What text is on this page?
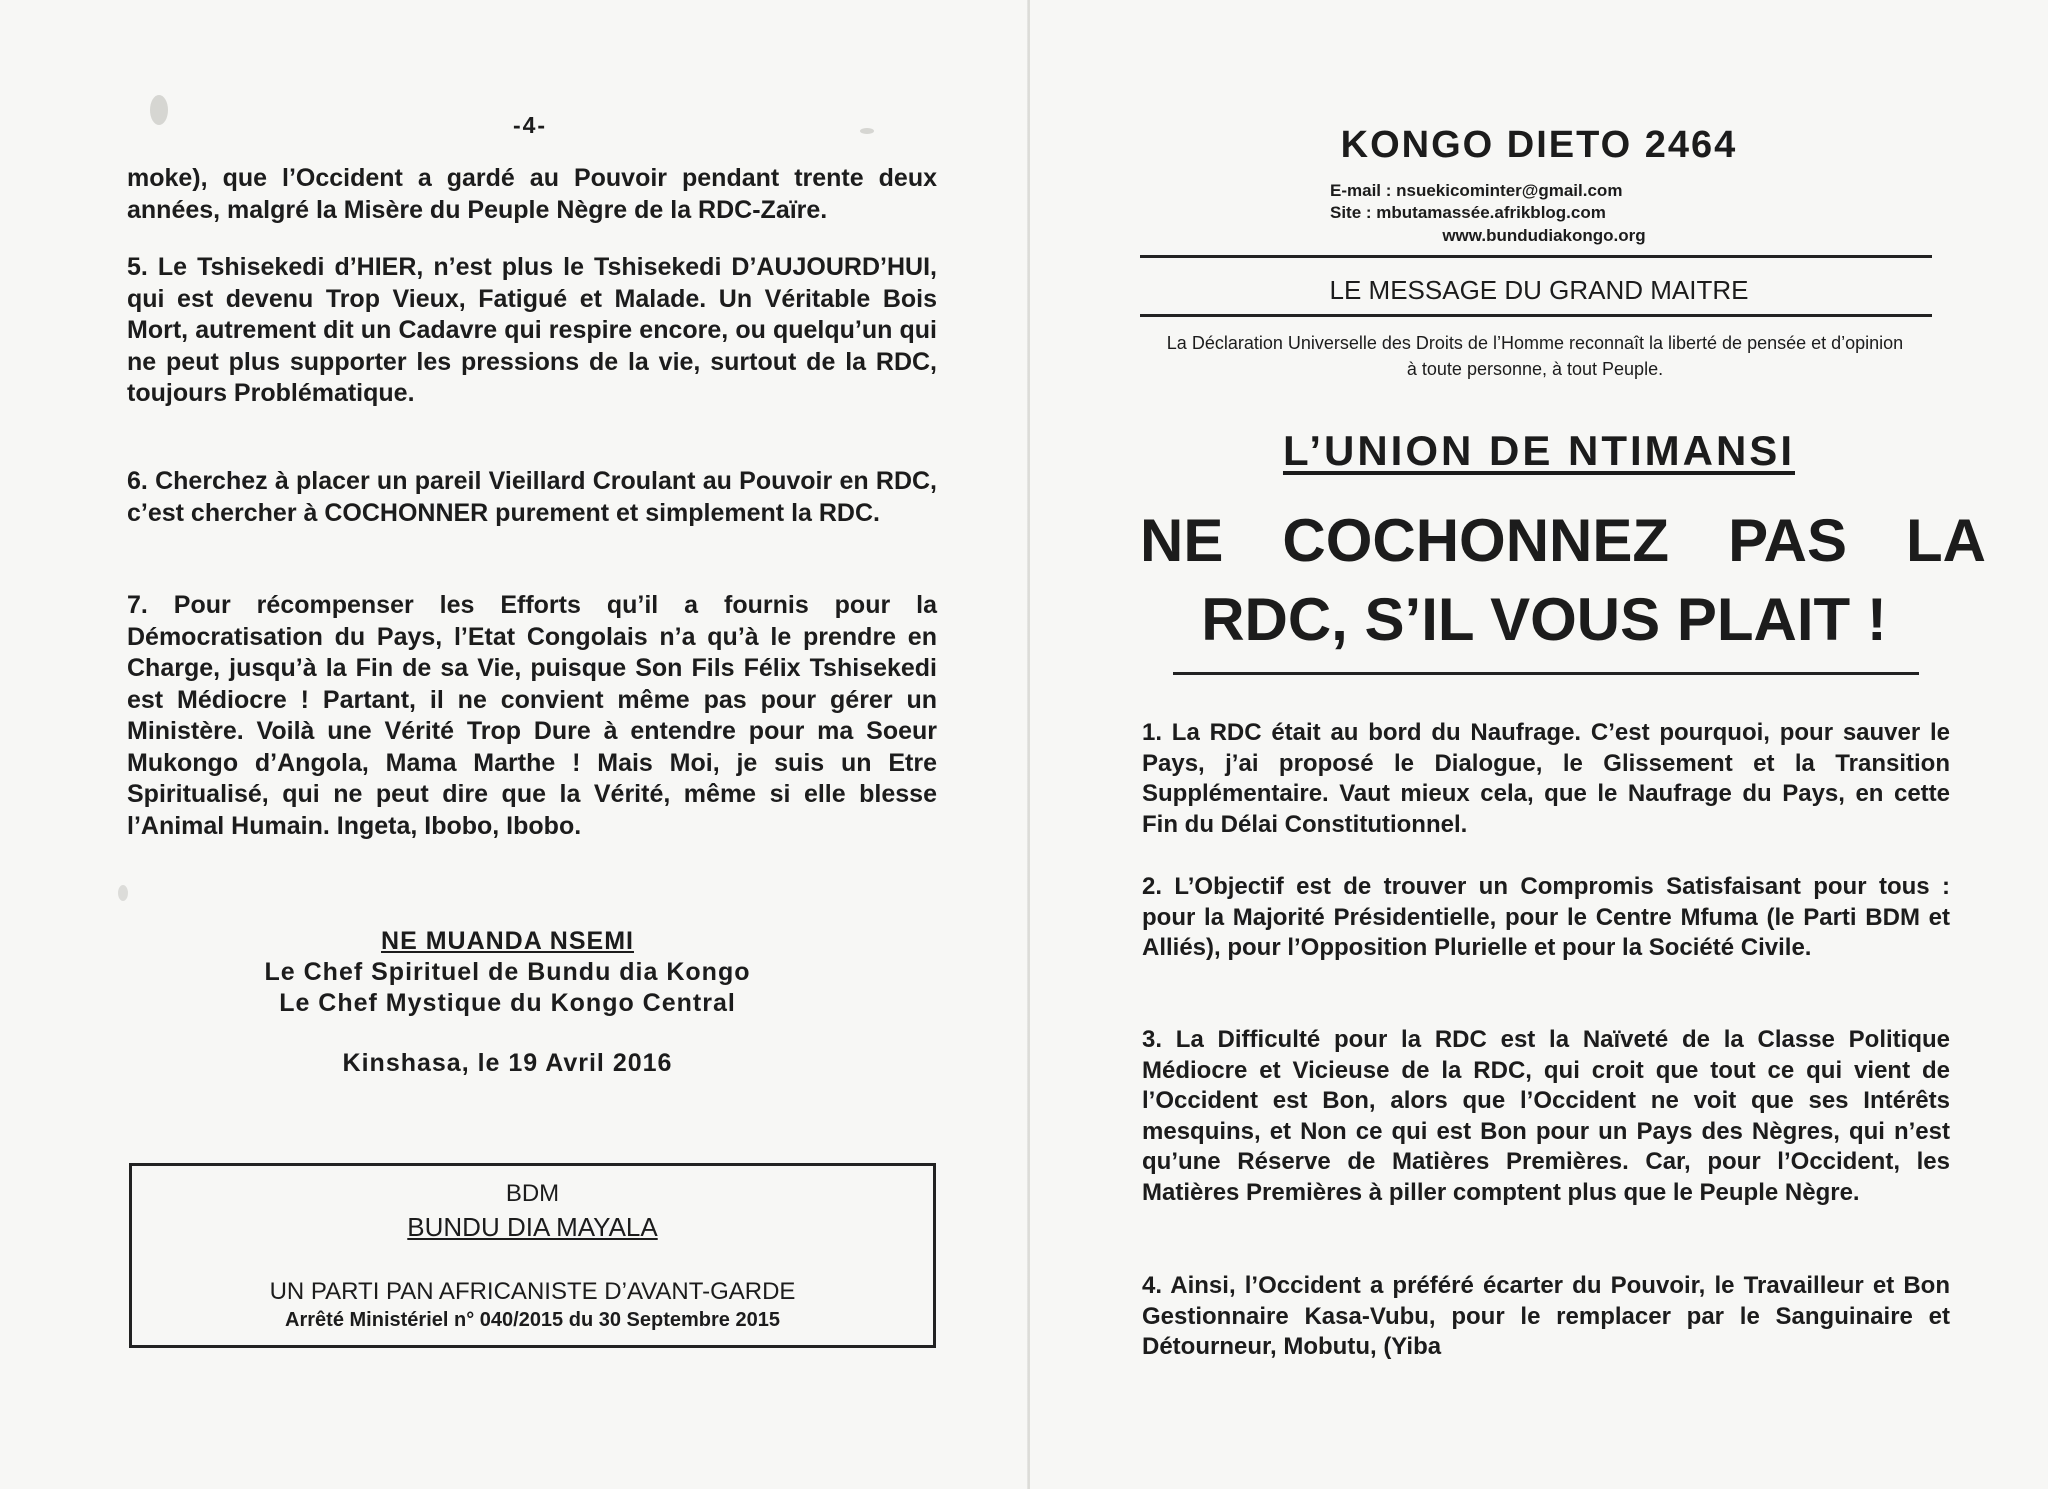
-4-
moke), que l’Occident a gardé au Pouvoir pendant trente deux années, malgré la Misère du Peuple Nègre de la RDC-Zaïre.
5. Le Tshisekedi d’HIER, n’est plus le Tshisekedi D’AUJOURD’HUI, qui est devenu Trop Vieux, Fatigué et Malade. Un Véritable Bois Mort, autrement dit un Cadavre qui respire encore, ou quelqu’un qui ne peut plus supporter les pressions de la vie, surtout de la RDC, toujours Problématique.
6. Cherchez à placer un pareil Vieillard Croulant au Pouvoir en RDC, c’est chercher à COCHONNER purement et simplement la RDC.
7. Pour récompenser les Efforts qu’il a fournis pour la Démocratisation du Pays, l’Etat Congolais n’a qu’à le prendre en Charge, jusqu’à la Fin de sa Vie, puisque Son Fils Félix Tshisekedi est Médiocre ! Partant, il ne convient même pas pour gérer un Ministère. Voilà une Vérité Trop Dure à entendre pour ma Soeur Mukongo d’Angola, Mama Marthe ! Mais Moi, je suis un Etre Spiritualisé, qui ne peut dire que la Vérité, même si elle blesse l’Animal Humain. Ingeta, Ibobo, Ibobo.
NE MUANDA NSEMI
Le Chef Spirituel de Bundu dia Kongo
Le Chef Mystique du Kongo Central
Kinshasa, le 19 Avril 2016
BDM
BUNDU DIA MAYALA
UN PARTI PAN AFRICANISTE D’AVANT-GARDE
Arrêté Ministériel n° 040/2015 du 30 Septembre 2015
KONGO DIETO 2464
E-mail : nsuekicominter@gmail.com
Site : mbutamassée.afrikblog.com
www.bundudiakongo.org
LE MESSAGE DU GRAND MAITRE
La Déclaration Universelle des Droits de l’Homme reconnaît la liberté de pensée et d’opinion à toute personne, à tout Peuple.
L’UNION DE NTIMANSI
NE COCHONNEZ PAS LA
RDC, S’IL VOUS PLAIT !
1. La RDC était au bord du Naufrage. C’est pourquoi, pour sauver le Pays, j’ai proposé le Dialogue, le Glissement et la Transition Supplémentaire. Vaut mieux cela, que le Naufrage du Pays, en cette Fin du Délai Constitutionnel.
2. L’Objectif est de trouver un Compromis Satisfaisant pour tous : pour la Majorité Présidentielle, pour le Centre Mfuma (le Parti BDM et Alliés), pour l’Opposition Plurielle et pour la Société Civile.
3. La Difficulté pour la RDC est la Naïveté de la Classe Politique Médiocre et Vicieuse de la RDC, qui croit que tout ce qui vient de l’Occident est Bon, alors que l’Occident ne voit que ses Intérêts mesquins, et Non ce qui est Bon pour un Pays des Nègres, qui n’est qu’une Réserve de Matières Premières. Car, pour l’Occident, les Matières Premières à piller comptent plus que le Peuple Nègre.
4. Ainsi, l’Occident a préféré écarter du Pouvoir, le Travailleur et Bon Gestionnaire Kasa-Vubu, pour le remplacer par le Sanguinaire et Détourneur, Mobutu, (Yiba
